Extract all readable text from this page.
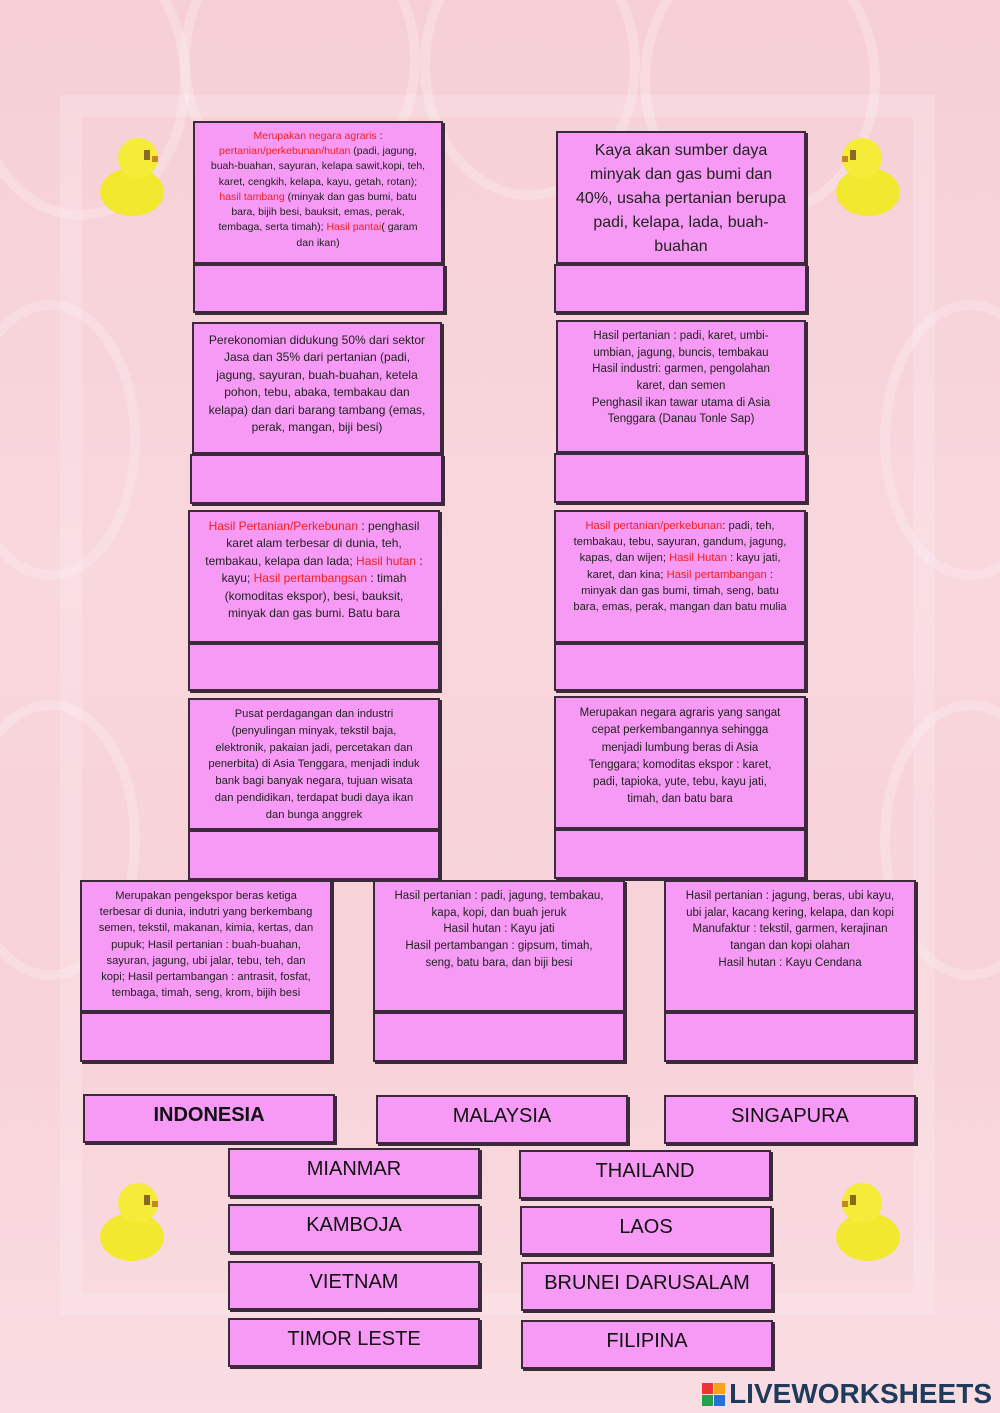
Merupakan negara agraris :
pertanian/perkebunan/hutan (padi, jagung,
buah-buahan, sayuran, kelapa sawit,kopi, teh,
karet, cengkih, kelapa, kayu, getah, rotan);
hasil tambang (minyak dan gas bumi, batu
bara, bijih besi, bauksit, emas, perak,
tembaga, serta timah); Hasil pantai( garam
dan ikan)
Kaya akan sumber daya
minyak dan gas bumi dan
40%, usaha pertanian berupa
padi, kelapa, lada, buah-
buahan
Perekonomian didukung 50% dari sektor
Jasa dan 35% dari pertanian (padi,
jagung, sayuran, buah-buahan, ketela
pohon, tebu, abaka, tembakau dan
kelapa) dan dari barang tambang (emas,
perak, mangan, biji besi)
Hasil pertanian : padi, karet, umbi-
umbian, jagung, buncis, tembakau
Hasil industri: garmen, pengolahan
karet, dan semen
Penghasil ikan tawar utama di Asia
Tenggara (Danau Tonle Sap)
Hasil Pertanian/Perkebunan : penghasil
karet alam terbesar di dunia, teh,
tembakau, kelapa dan lada; Hasil hutan :
kayu; Hasil pertambangsan : timah
(komoditas ekspor), besi, bauksit,
minyak dan gas bumi. Batu bara
Hasil pertanian/perkebunan: padi, teh,
tembakau, tebu, sayuran, gandum, jagung,
kapas, dan wijen; Hasil Hutan : kayu jati,
karet, dan kina; Hasil pertambangan :
minyak dan gas bumi, timah, seng, batu
bara, emas, perak, mangan dan batu mulia
Pusat perdagangan dan industri
(penyulingan minyak, tekstil baja,
elektronik, pakaian jadi, percetakan dan
penerbita) di Asia Tenggara, menjadi induk
bank bagi banyak negara, tujuan wisata
dan pendidikan, terdapat budi daya ikan
dan bunga anggrek
Merupakan negara agraris yang sangat
cepat perkembangannya sehingga
menjadi lumbung beras di Asia
Tenggara; komoditas ekspor : karet,
padi, tapioka, yute, tebu, kayu jati,
timah, dan batu bara
Merupakan pengekspor beras ketiga
terbesar di dunia, indutri yang berkembang
semen, tekstil, makanan, kimia, kertas, dan
pupuk; Hasil pertanian : buah-buahan,
sayuran, jagung, ubi jalar, tebu, teh, dan
kopi; Hasil pertambangan : antrasit, fosfat,
tembaga, timah, seng, krom, bijih besi
Hasil pertanian : padi, jagung, tembakau,
kapa, kopi, dan buah jeruk
Hasil hutan : Kayu jati
Hasil pertambangan : gipsum, timah,
seng, batu bara, dan biji besi
Hasil pertanian : jagung, beras, ubi kayu,
ubi jalar, kacang kering, kelapa, dan kopi
Manufaktur : tekstil, garmen, kerajinan
tangan dan kopi olahan
Hasil hutan : Kayu Cendana
INDONESIA	MALAYSIA	SINGAPURA
MIANMAR	THAILAND
KAMBOJA	LAOS
VIETNAM	BRUNEI DARUSALAM
TIMOR LESTE	FILIPINA
LIVEWORKSHEETS
